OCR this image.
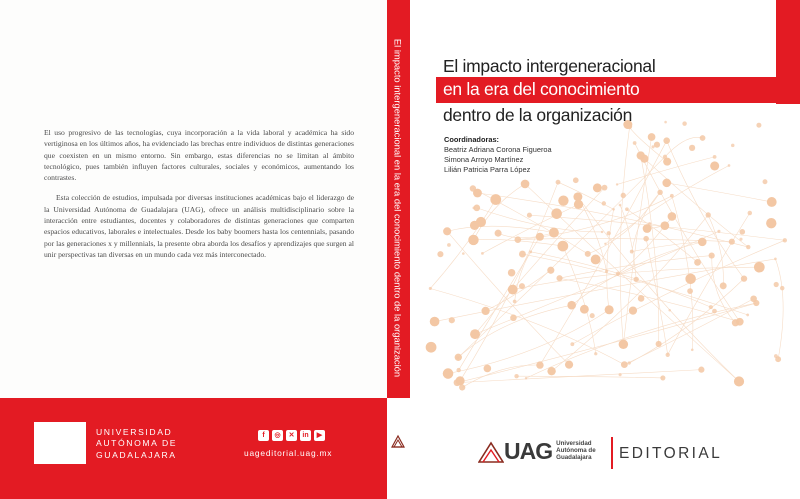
El uso progresivo de las tecnologías, cuya incorporación a la vida laboral y académica ha sido vertiginosa en los últimos años, ha evidenciado las brechas entre individuos de distintas generaciones que coexisten en un mismo entorno. Sin embargo, estas diferencias no se limitan al ámbito tecnológico, pues también influyen factores culturales, sociales y económicos, aumentando los contrastes.

Esta colección de estudios, impulsada por diversas instituciones académicas bajo el liderazgo de la Universidad Autónoma de Guadalajara (UAG), ofrece un análisis multidisciplinario sobre la interacción entre estudiantes, docentes y colaboradores de distintas generaciones que comparten espacios educativos, laborales e intelectuales. Desde los baby boomers hasta los centennials, pasando por las generaciones x y millennials, la presente obra aborda los desafíos y aprendizajes que surgen al unir perspectivas tan diversas en un mundo cada vez más interconectado.

UNIVERSIDAD
AUTÓNOMA DE
GUADALAJARA
f	◎	✕	in	▶
uageditorial.uag.mx
El impacto intergeneracional en la era del conocimiento dentro de la organización El impacto intergeneracional
en la era del conocimiento
dentro de la organización
Coordinadoras:
Beatriz Adriana Corona Figueroa
Simona Arroyo Martínez
Lilián Patricia Parra López
UAG Universidad
Autónoma de
Guadalajara EDITORIAL
